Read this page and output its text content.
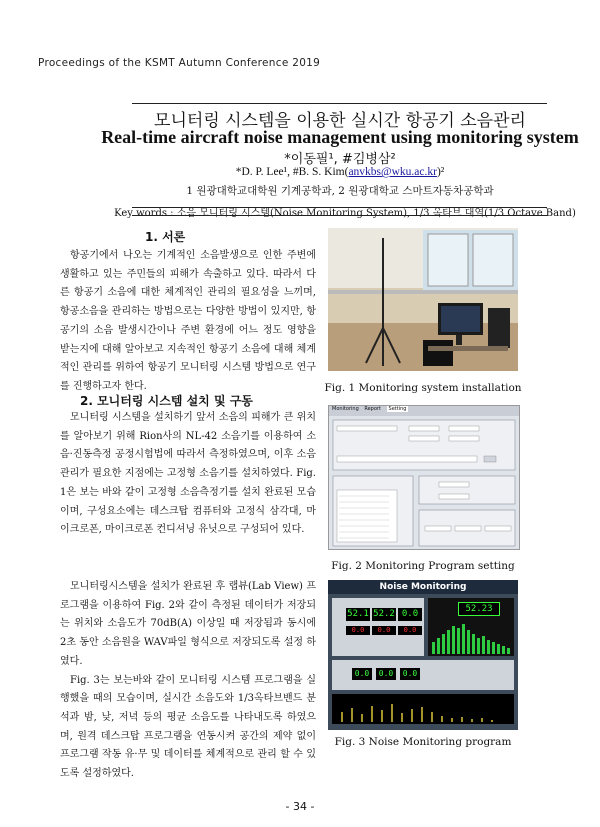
Proceedings of the KSMT Autumn Conference 2019
모니터링 시스템을 이용한 실시간 항공기 소음관리
Real-time aircraft noise management using monitoring system
*이동필¹, #김병삼²
*D. P. Lee¹, #B. S. Kim(anvkbs@wku.ac.kr)²
1 원광대학교대학원 기계공학과, 2 원광대학교 스마트자동차공학과
Key words : 소음 모니터링 시스템(Noise Monitoring System), 1/3 옥타브 대역(1/3 Octave Band)
1. 서론

항공기에서 나오는 기계적인 소음발생으로 인한 주변에 생활하고 있는 주민들의 피해가 속출하고 있다. 따라서 다른 항공기 소음에 대한 체계적인 관리의 필요성을 느끼며, 항공소음을 관리하는 방법으로는 다양한 방법이 있지만, 항공기의 소음 발생시간이나 주변 환경에 어느 정도 영향을 받는지에 대해 알아보고 지속적인 항공기 소음에 대해 체계적인 관리를 위하여 항공기 모니터링 시스템 방법으로 연구를 진행하고자 한다.

2. 모니터링 시스템 설치 및 구동

모니터링 시스템을 설치하기 앞서 소음의 피해가 큰 위치를 알아보기 위해 Rion사의 NL-42 소음기를 이용하여 소음·진동측정 공정시험법에 따라서 측정하였으며, 이후 소음관리가 필요한 지점에는 고정형 소음기를 설치하였다. Fig. 1은 보는 바와 같이 고정형 소음측정기를 설치 완료된 모습이며, 구성요소에는 데스크탑 컴퓨터와 고정식 삼각대, 마이크로폰, 마이크로폰 컨디셔닝 유닛으로 구성되어 있다.

모니터링시스템을 설치가 완료된 후 랩뷰(Lab View) 프로그램을 이용하여 Fig. 2와 같이 측정된 데이터가 저장되는 위치와 소음도가 70dB(A) 이상일 때 저장됨과 동시에 2초 동안 소음원을 WAV파일 형식으로 저장되도록 설정 하였다.

Fig. 3는 보는바와 같이 모니터링 시스템 프로그램을 실행했을 때의 모습이며, 실시간 소음도와 1/3옥타브밴드 분석과 밤, 낮, 저녁 등의 평균 소음도를 나타내도록 하였으며, 원격 데스크탑 프로그램을 연동시켜 공간의 제약 없이 프로그램 작동 유·무 및 데이터를 체계적으로 관리 할 수 있도록 설정하였다.

Fig. 1 Monitoring system installation
Monitoring Report Setting
Fig. 2 Monitoring Program setting
Noise Monitoring
52.1 52.2 0.0
0.0	0.0	0.0
52.23
0.0	0.0	0.0
Fig. 3 Noise Monitoring program
- 34 -
